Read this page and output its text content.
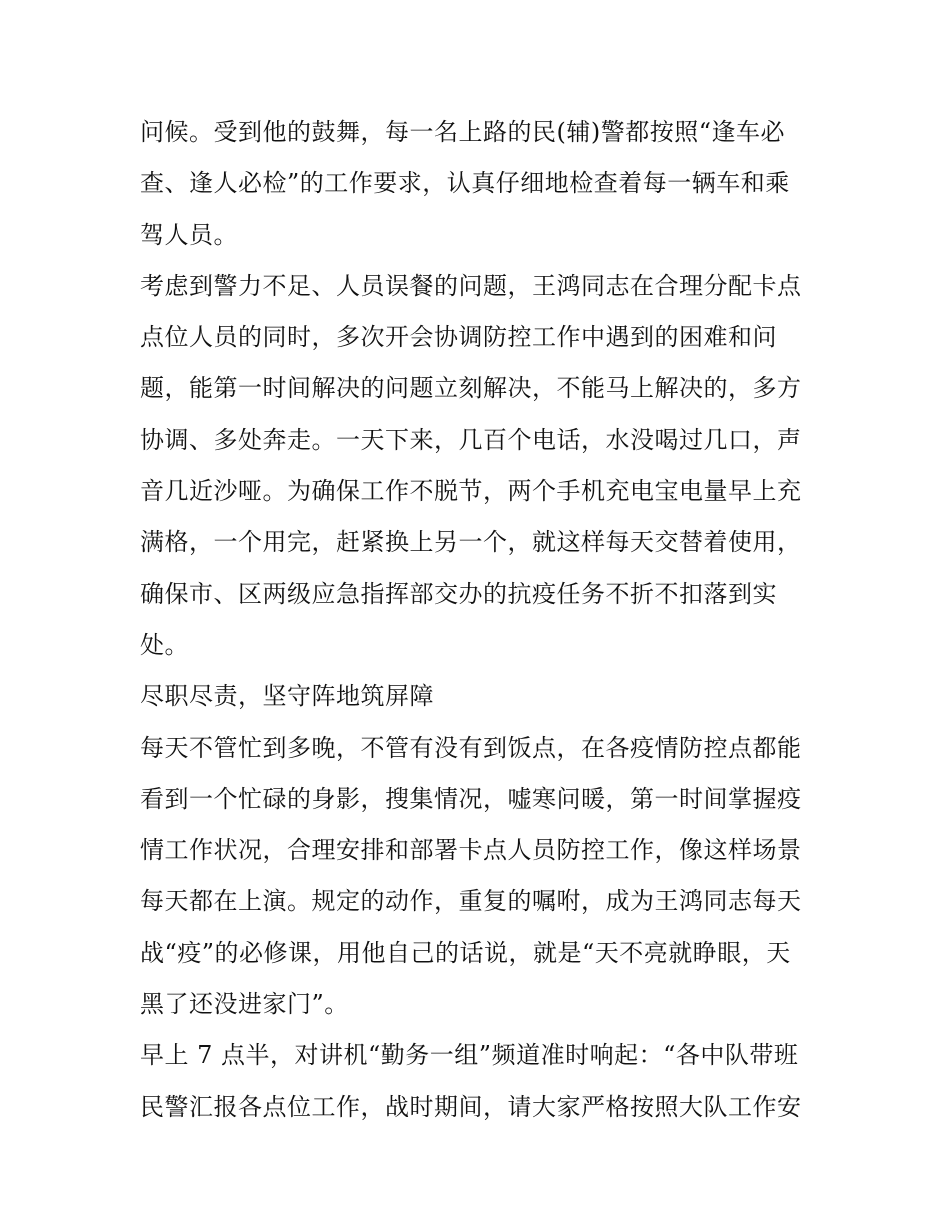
问候。受到他的鼓舞，每一名上路的民(辅)警都按照“逢车必
查、逢人必检”的工作要求，认真仔细地检查着每一辆车和乘
驾人员。
考虑到警力不足、人员误餐的问题，王鸿同志在合理分配卡点
点位人员的同时，多次开会协调防控工作中遇到的困难和问
题，能第一时间解决的问题立刻解决，不能马上解决的，多方
协调、多处奔走。一天下来，几百个电话，水没喝过几口，声
音几近沙哑。为确保工作不脱节，两个手机充电宝电量早上充
满格，一个用完，赶紧换上另一个，就这样每天交替着使用，
确保市、区两级应急指挥部交办的抗疫任务不折不扣落到实
处。
尽职尽责，坚守阵地筑屏障
每天不管忙到多晚，不管有没有到饭点，在各疫情防控点都能
看到一个忙碌的身影，搜集情况，嘘寒问暖，第一时间掌握疫
情工作状况，合理安排和部署卡点人员防控工作，像这样场景
每天都在上演。规定的动作，重复的嘱咐，成为王鸿同志每天
战“疫”的必修课，用他自己的话说，就是“天不亮就睁眼，天
黑了还没进家门”。
早上 7 点半，对讲机“勤务一组”频道准时响起：“各中队带班
民警汇报各点位工作，战时期间，请大家严格按照大队工作安
